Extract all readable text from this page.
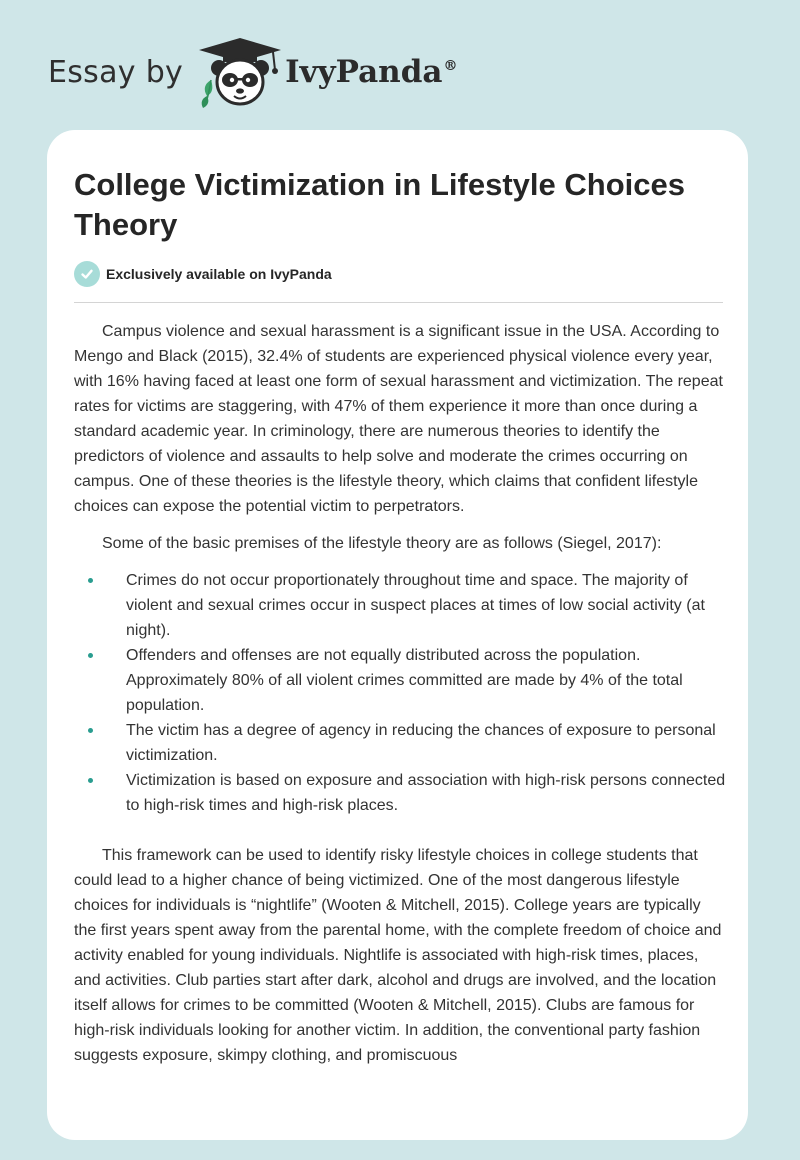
Essay by	IvyPanda®
College Victimization in Lifestyle Choices Theory
Exclusively available on IvyPanda

Campus violence and sexual harassment is a significant issue in the USA. According to Mengo and Black (2015), 32.4% of students are experienced physical violence every year, with 16% having faced at least one form of sexual harassment and victimization. The repeat rates for victims are staggering, with 47% of them experience it more than once during a standard academic year. In criminology, there are numerous theories to identify the predictors of violence and assaults to help solve and moderate the crimes occurring on campus. One of these theories is the lifestyle theory, which claims that confident lifestyle choices can expose the potential victim to perpetrators.

Some of the basic premises of the lifestyle theory are as follows (Siegel, 2017):

Crimes do not occur proportionately throughout time and space. The majority of violent and sexual crimes occur in suspect places at times of low social activity (at night).
Offenders and offenses are not equally distributed across the population. Approximately 80% of all violent crimes committed are made by 4% of the total population.
The victim has a degree of agency in reducing the chances of exposure to personal victimization.
Victimization is based on exposure and association with high-risk persons connected to high-risk times and high-risk places.

This framework can be used to identify risky lifestyle choices in college students that could lead to a higher chance of being victimized. One of the most dangerous lifestyle choices for individuals is “nightlife” (Wooten & Mitchell, 2015). College years are typically the first years spent away from the parental home, with the complete freedom of choice and activity enabled for young individuals. Nightlife is associated with high-risk times, places, and activities. Club parties start after dark, alcohol and drugs are involved, and the location itself allows for crimes to be committed (Wooten & Mitchell, 2015). Clubs are famous for high-risk individuals looking for another victim. In addition, the conventional party fashion suggests exposure, skimpy clothing, and promiscuous
